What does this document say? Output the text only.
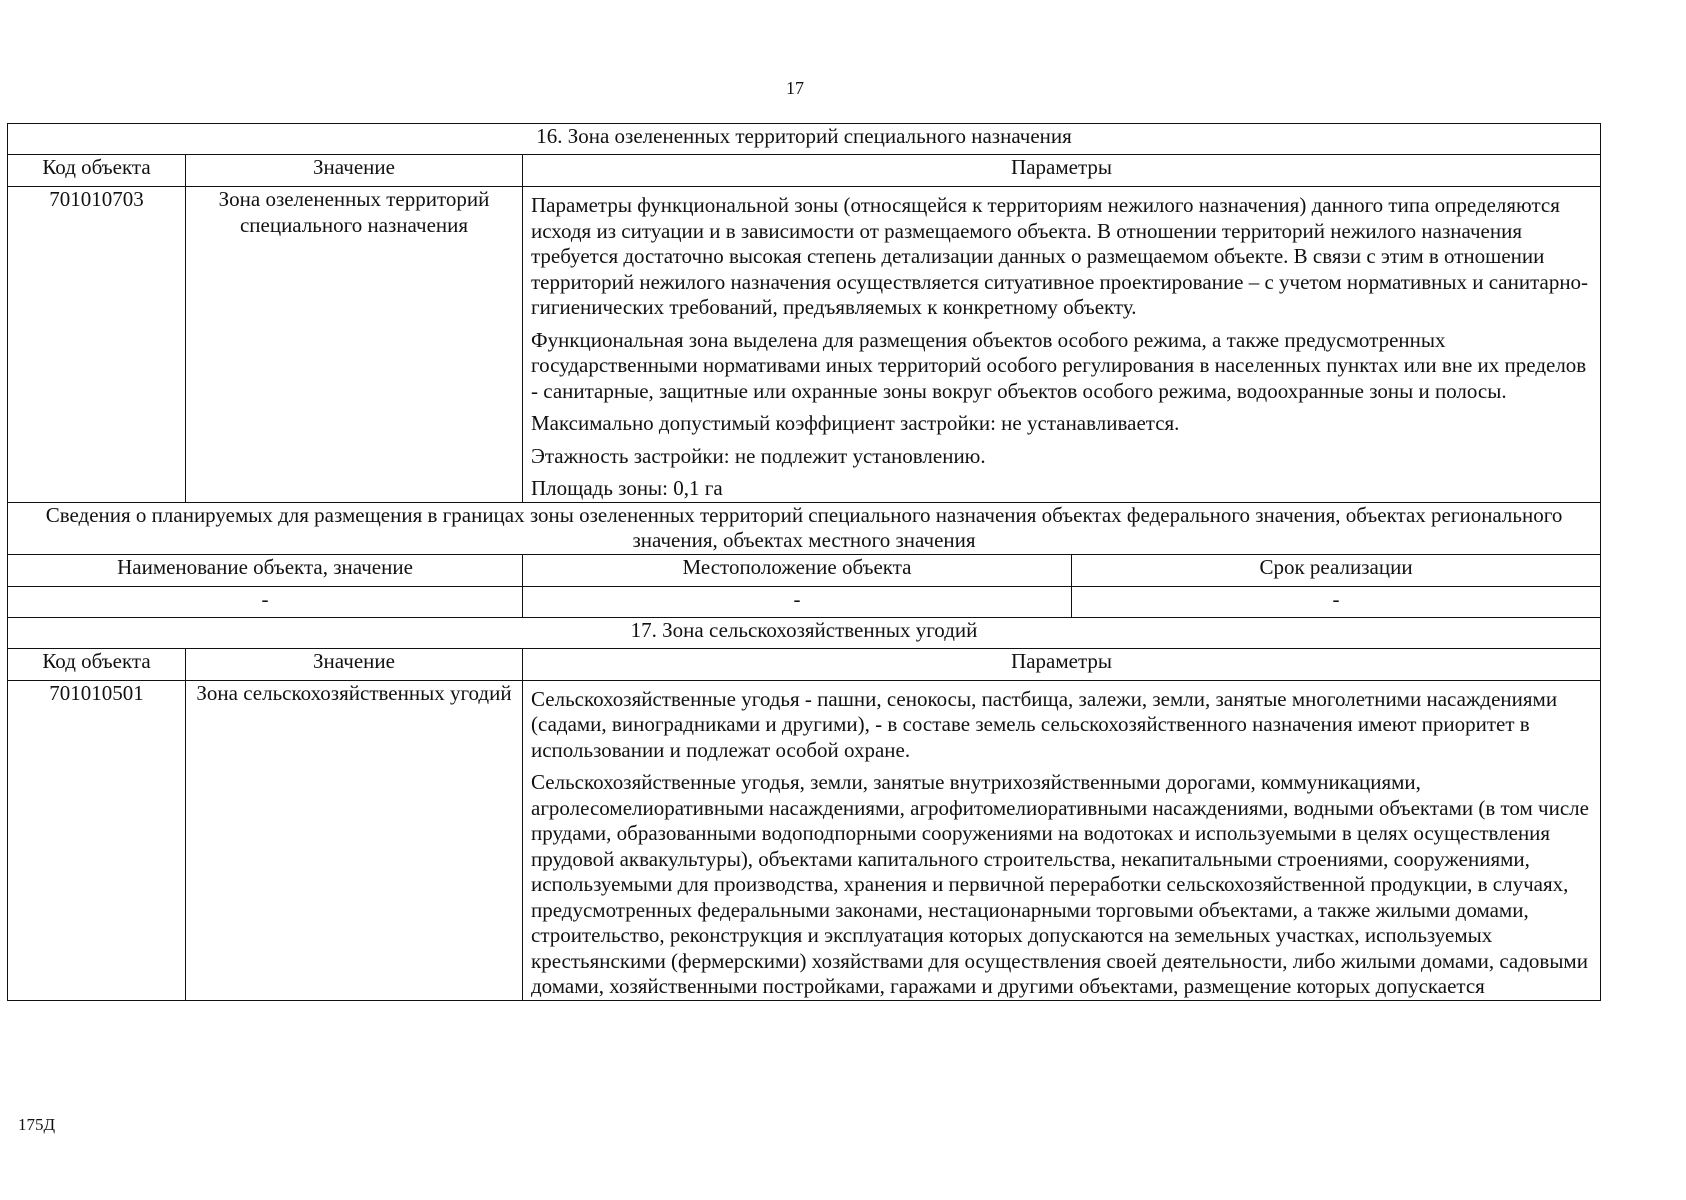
17
16. Зона озелененных территорий специального назначения			
Код объекта	Значение	Параметры	
701010703	Зона озелененных территорий специального назначения	Параметры функциональной зоны (относящейся к территориям нежилого назначения) данного типа определяются исходя из ситуации и в зависимости от размещаемого объекта. В отношении территорий нежилого назначения требуется достаточно высокая степень детализации данных о размещаемом объекте. В связи с этим в отношении территорий нежилого назначения осуществляется ситуативное проектирование – с учетом нормативных и санитарно-гигиенических требований, предъявляемых к конкретному объекту.

Функциональная зона выделена для размещения объектов особого режима, а также предусмотренных государственными нормативами иных территорий особого регулирования в населенных пунктах или вне их пределов - санитарные, защитные или охранные зоны вокруг объектов особого режима, водоохранные зоны и полосы.

Максимально допустимый коэффициент застройки: не устанавливается.

Этажность застройки: не подлежит установлению.

Площадь зоны: 0,1 га	

Сведения о планируемых для размещения в границах зоны озелененных территорий специального назначения объектах федерального значения, объектах регионального значения, объектах местного значения			
Наименование объекта, значение		Местоположение объекта	Срок реализации
-		-	-
17. Зона сельскохозяйственных угодий			
Код объекта	Значение	Параметры	
701010501	Зона сельскохозяйственных угодий	Сельскохозяйственные угодья - пашни, сенокосы, пастбища, залежи, земли, занятые многолетними насаждениями (садами, виноградниками и другими), - в составе земель сельскохозяйственного назначения имеют приоритет в использовании и подлежат особой охране.

Сельскохозяйственные угодья, земли, занятые внутрихозяйственными дорогами, коммуникациями, агролесомелиоративными насаждениями, агрофитомелиоративными насаждениями, водными объектами (в том числе прудами, образованными водоподпорными сооружениями на водотоках и используемыми в целях осуществления прудовой аквакультуры), объектами капитального строительства, некапитальными строениями, сооружениями, используемыми для производства, хранения и первичной переработки сельскохозяйственной продукции, в случаях, предусмотренных федеральными законами, нестационарными торговыми объектами, а также жилыми домами, строительство, реконструкция и эксплуатация которых допускаются на земельных участках, используемых крестьянскими (фермерскими) хозяйствами для осуществления своей деятельности, либо жилыми домами, садовыми домами, хозяйственными постройками, гаражами и другими объектами, размещение которых допускается	

175Д
